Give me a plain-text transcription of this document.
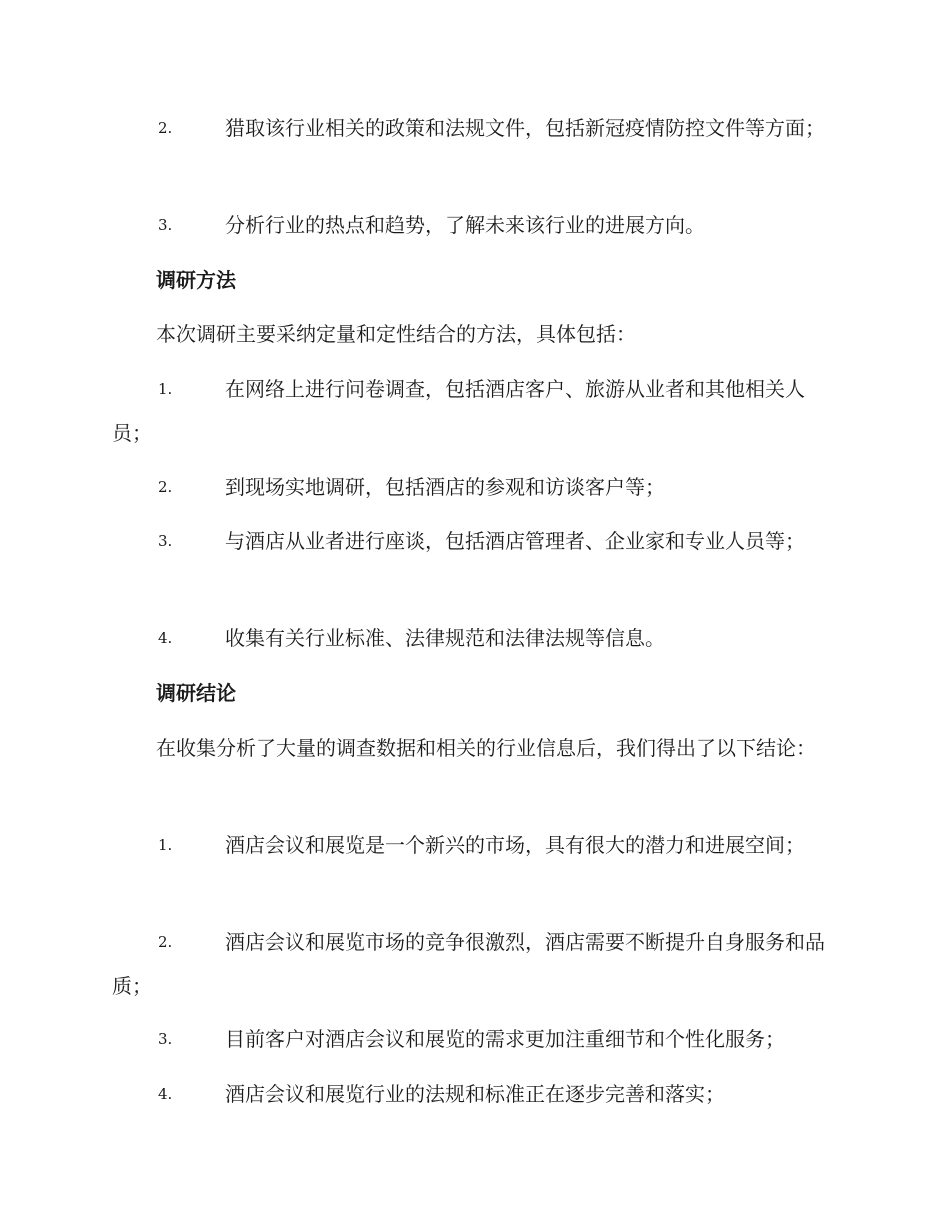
2.	猎取该行业相关的政策和法规文件，包括新冠疫情防控文件等方面；
3.	分析行业的热点和趋势，了解未来该行业的进展方向。
调研方法
本次调研主要采纳定量和定性结合的方法，具体包括：
1.	在网络上进行问卷调查，包括酒店客户、旅游从业者和其他相关人员；
2.	到现场实地调研，包括酒店的参观和访谈客户等；
3.	与酒店从业者进行座谈，包括酒店管理者、企业家和专业人员等；
4.	收集有关行业标准、法律规范和法律法规等信息。
调研结论
在收集分析了大量的调查数据和相关的行业信息后，我们得出了以下结论：
1.	酒店会议和展览是一个新兴的市场，具有很大的潜力和进展空间；
2.	酒店会议和展览市场的竞争很激烈，酒店需要不断提升自身服务和品质；
3.	目前客户对酒店会议和展览的需求更加注重细节和个性化服务；
4.	酒店会议和展览行业的法规和标准正在逐步完善和落实；
